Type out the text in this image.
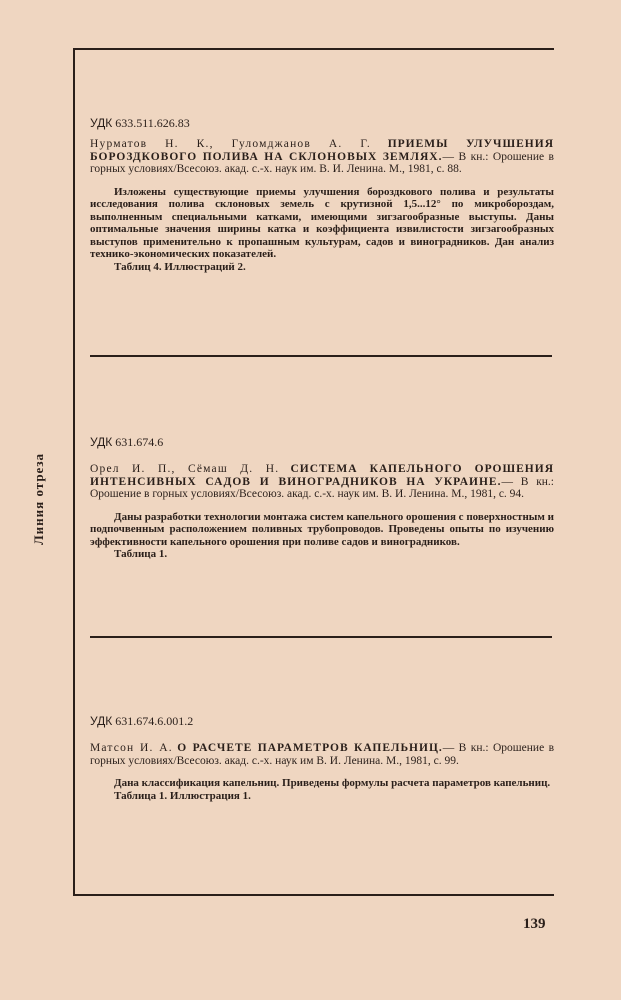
Линия отреза
УДК 633.511.626.83

Нурматов Н. К., Гуломджанов А. Г. ПРИЕМЫ УЛУЧШЕНИЯ БОРОЗДКОВОГО ПОЛИВА НА СКЛОНОВЫХ ЗЕМЛЯХ.— В кн.: Орошение в горных условиях/Всесоюз. акад. с.-х. наук им. В. И. Ленина. М., 1981, с. 88.

Изложены существующие приемы улучшения бороздкового полива и результаты исследования полива склоновых земель с крутизной 1,5...12° по микробороздам, выполненным специальными катками, имеющими зигзагообразные выступы. Даны оптимальные значения ширины катка и коэффициента извилистости зигзагообразных выступов применительно к пропашным культурам, садов и виноградников. Дан анализ технико-экономических показателей.

Таблиц 4. Иллюстраций 2.

УДК 631.674.6

Орел И. П., Сёмаш Д. Н. СИСТЕМА КАПЕЛЬНОГО ОРОШЕНИЯ ИНТЕНСИВНЫХ САДОВ И ВИНОГРАДНИКОВ НА УКРАИНЕ.— В кн.: Орошение в горных условиях/Всесоюз. акад. с.-х. наук им. В. И. Ленина. М., 1981, с. 94.

Даны разработки технологии монтажа систем капельного орошения с поверхностным и подпочвенным расположением поливных трубопроводов. Проведены опыты по изучению эффективности капельного орошения при поливе садов и виноградников.

Таблица 1.

УДК 631.674.6.001.2

Матсон И. А. О РАСЧЕТЕ ПАРАМЕТРОВ КАПЕЛЬНИЦ.— В кн.: Орошение в горных условиях/Всесоюз. акад. с.-х. наук им В. И. Ленина. М., 1981, с. 99.

Дана классификация капельниц. Приведены формулы расчета параметров капельниц.

Таблица 1. Иллюстрация 1.

139
